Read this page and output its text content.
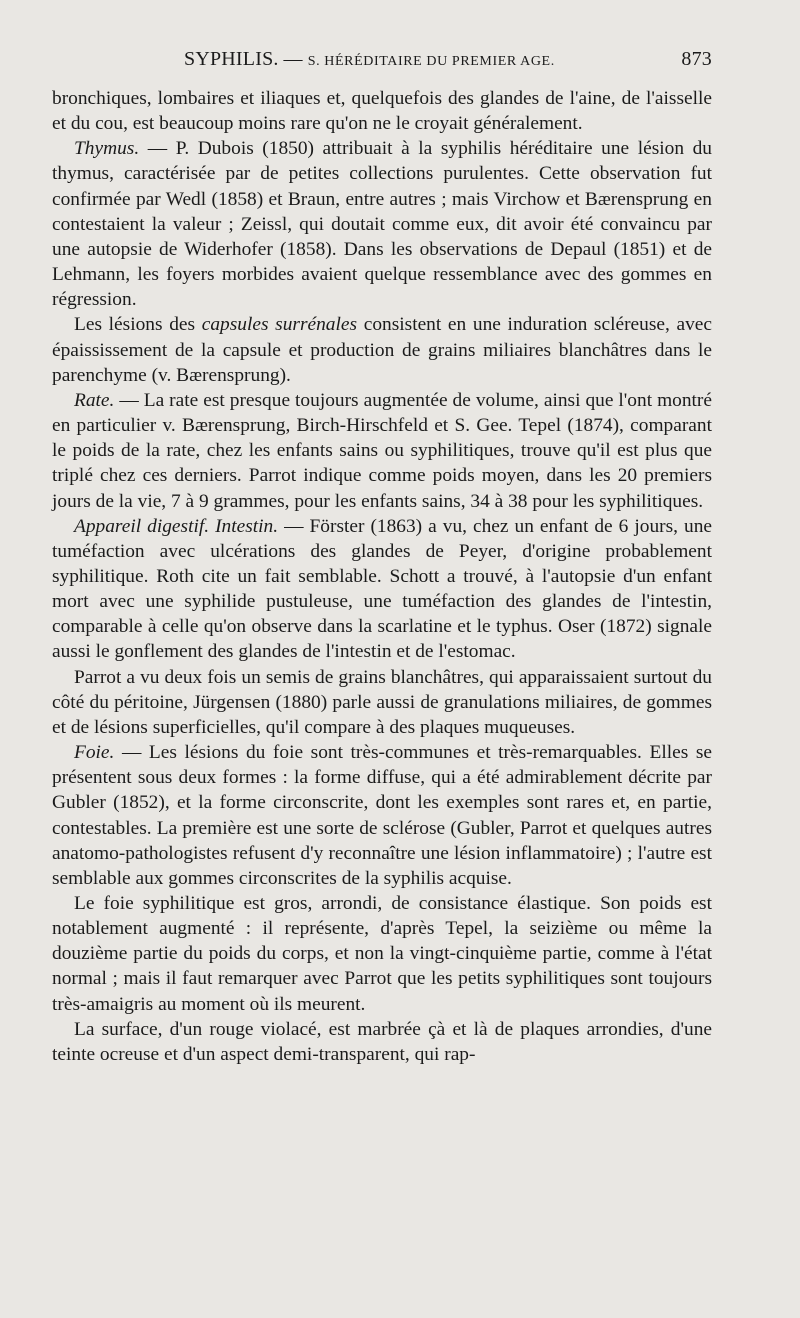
SYPHILIS. — S. HÉRÉDITAIRE DU PREMIER AGE.	873

bronchiques, lombaires et iliaques et, quelquefois des glandes de l'aine, de l'aisselle et du cou, est beaucoup moins rare qu'on ne le croyait généralement.

Thymus. — P. Dubois (1850) attribuait à la syphilis héréditaire une lésion du thymus, caractérisée par de petites collections purulentes. Cette observation fut confirmée par Wedl (1858) et Braun, entre autres ; mais Virchow et Bærensprung en contestaient la valeur ; Zeissl, qui doutait comme eux, dit avoir été convaincu par une autopsie de Widerhofer (1858). Dans les observations de Depaul (1851) et de Lehmann, les foyers morbides avaient quelque ressemblance avec des gommes en régression.

Les lésions des capsules surrénales consistent en une induration scléreuse, avec épaississement de la capsule et production de grains miliaires blanchâtres dans le parenchyme (v. Bærensprung).

Rate. — La rate est presque toujours augmentée de volume, ainsi que l'ont montré en particulier v. Bærensprung, Birch-Hirschfeld et S. Gee. Tepel (1874), comparant le poids de la rate, chez les enfants sains ou syphilitiques, trouve qu'il est plus que triplé chez ces derniers. Parrot indique comme poids moyen, dans les 20 premiers jours de la vie, 7 à 9 grammes, pour les enfants sains, 34 à 38 pour les syphilitiques.

Appareil digestif. Intestin. — Förster (1863) a vu, chez un enfant de 6 jours, une tuméfaction avec ulcérations des glandes de Peyer, d'origine probablement syphilitique. Roth cite un fait semblable. Schott a trouvé, à l'autopsie d'un enfant mort avec une syphilide pustuleuse, une tuméfaction des glandes de l'intestin, comparable à celle qu'on observe dans la scarlatine et le typhus. Oser (1872) signale aussi le gonflement des glandes de l'intestin et de l'estomac.

Parrot a vu deux fois un semis de grains blanchâtres, qui apparaissaient surtout du côté du péritoine, Jürgensen (1880) parle aussi de granulations miliaires, de gommes et de lésions superficielles, qu'il compare à des plaques muqueuses.

Foie. — Les lésions du foie sont très-communes et très-remarquables. Elles se présentent sous deux formes : la forme diffuse, qui a été admirablement décrite par Gubler (1852), et la forme circonscrite, dont les exemples sont rares et, en partie, contestables. La première est une sorte de sclérose (Gubler, Parrot et quelques autres anatomo-pathologistes refusent d'y reconnaître une lésion inflammatoire) ; l'autre est semblable aux gommes circonscrites de la syphilis acquise.

Le foie syphilitique est gros, arrondi, de consistance élastique. Son poids est notablement augmenté : il représente, d'après Tepel, la seizième ou même la douzième partie du poids du corps, et non la vingt-cinquième partie, comme à l'état normal ; mais il faut remarquer avec Parrot que les petits syphilitiques sont toujours très-amaigris au moment où ils meurent.

La surface, d'un rouge violacé, est marbrée çà et là de plaques arrondies, d'une teinte ocreuse et d'un aspect demi-transparent, qui rap-
